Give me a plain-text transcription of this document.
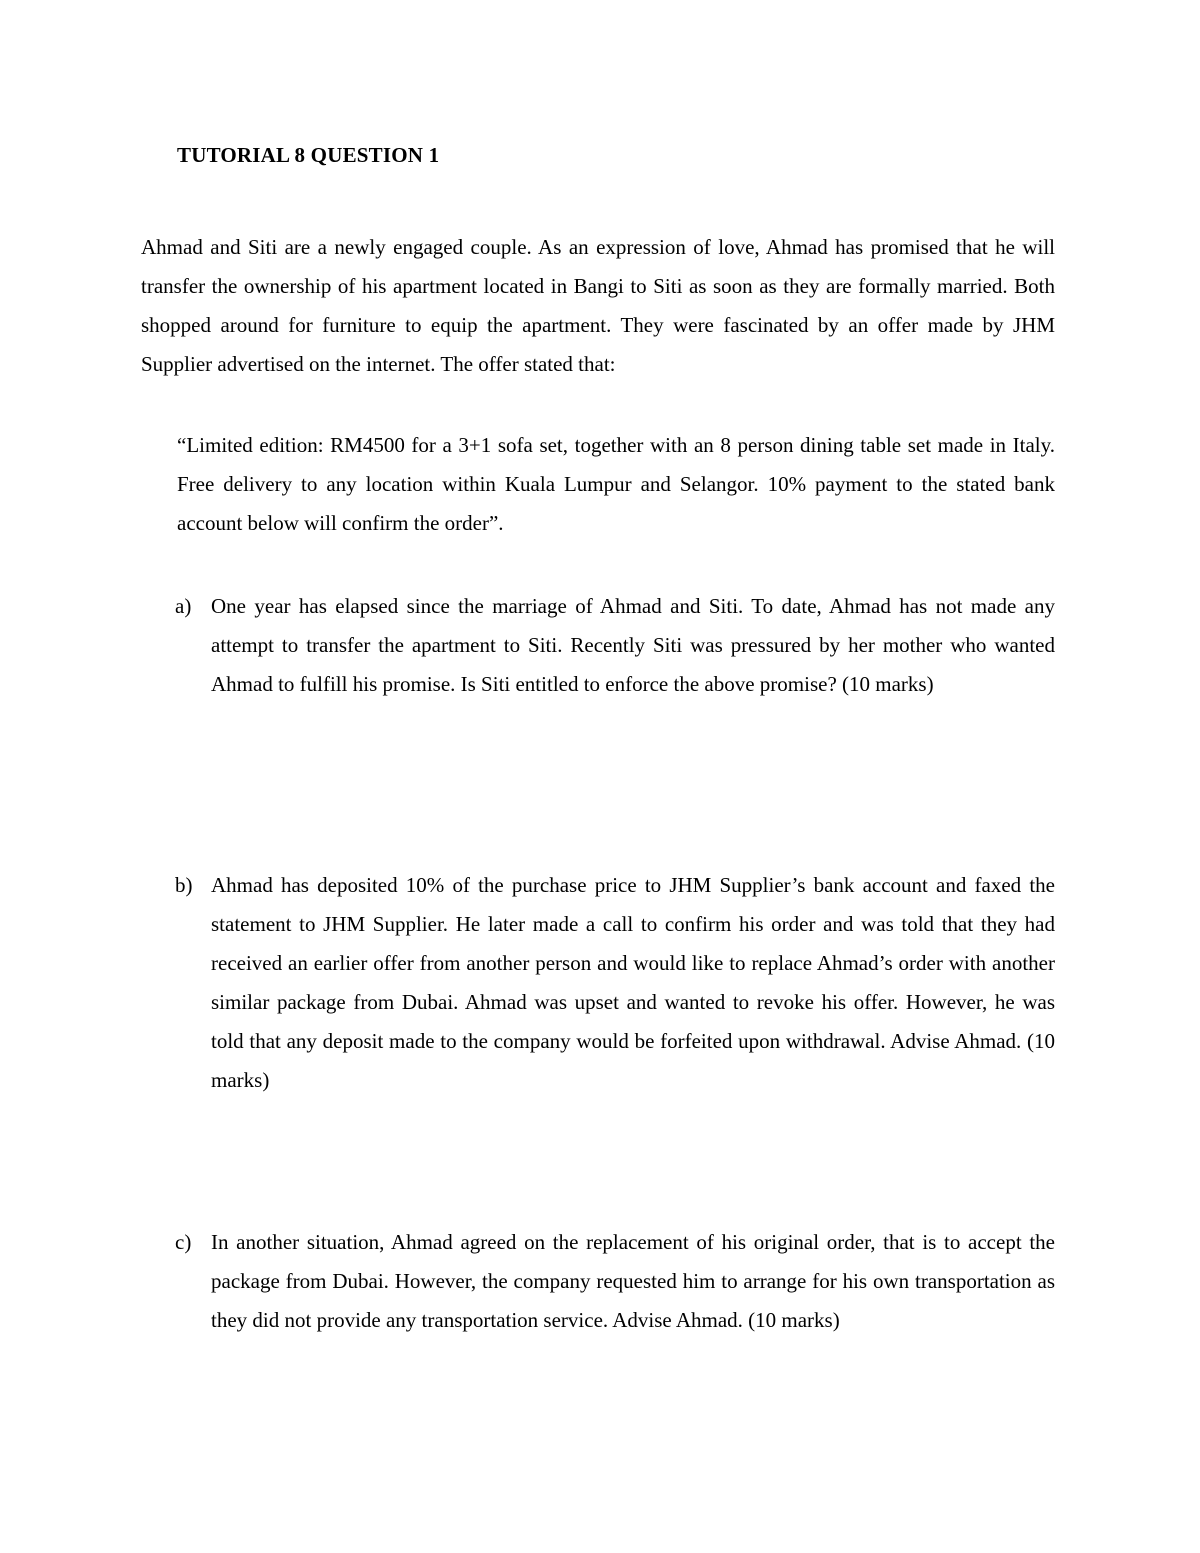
TUTORIAL 8 QUESTION 1
Ahmad and Siti are a newly engaged couple. As an expression of love, Ahmad has promised that he will transfer the ownership of his apartment located in Bangi to Siti as soon as they are formally married. Both shopped around for furniture to equip the apartment. They were fascinated by an offer made by JHM Supplier advertised on the internet. The offer stated that:
“Limited edition: RM4500 for a 3+1 sofa set, together with an 8 person dining table set made in Italy. Free delivery to any location within Kuala Lumpur and Selangor. 10% payment to the stated bank account below will confirm the order”.
a) One year has elapsed since the marriage of Ahmad and Siti. To date, Ahmad has not made any attempt to transfer the apartment to Siti. Recently Siti was pressured by her mother who wanted Ahmad to fulfill his promise. Is Siti entitled to enforce the above promise? (10 marks)
b) Ahmad has deposited 10% of the purchase price to JHM Supplier’s bank account and faxed the statement to JHM Supplier. He later made a call to confirm his order and was told that they had received an earlier offer from another person and would like to replace Ahmad’s order with another similar package from Dubai. Ahmad was upset and wanted to revoke his offer. However, he was told that any deposit made to the company would be forfeited upon withdrawal. Advise Ahmad. (10 marks)
c) In another situation, Ahmad agreed on the replacement of his original order, that is to accept the package from Dubai. However, the company requested him to arrange for his own transportation as they did not provide any transportation service. Advise Ahmad. (10 marks)
